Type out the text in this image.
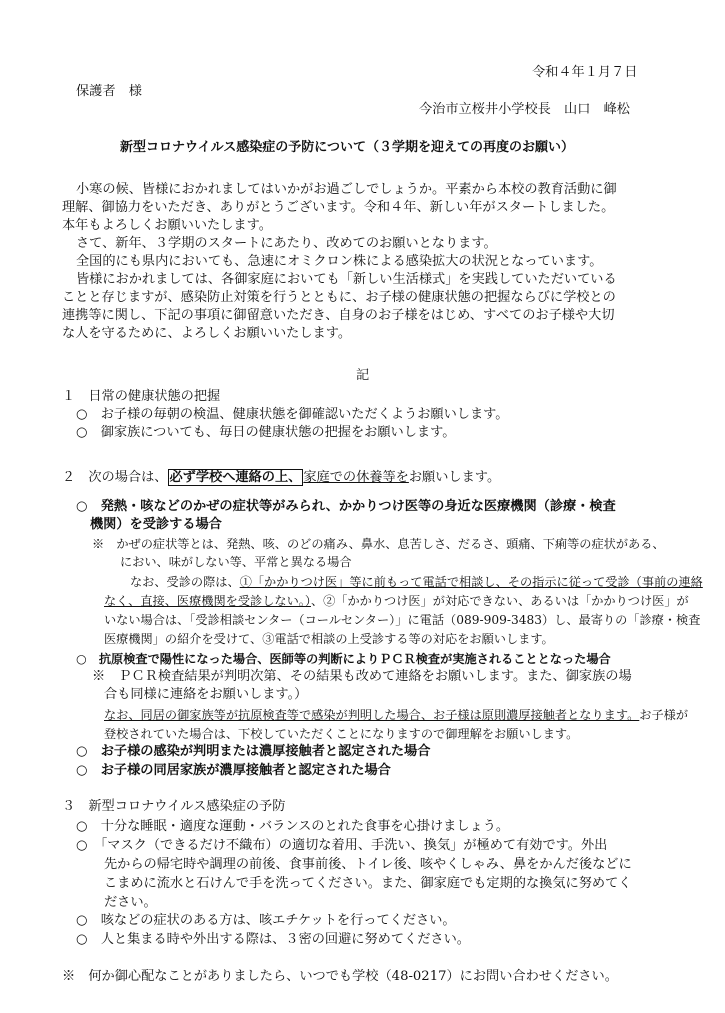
令和４年１月７日
保護者　様
今治市立桜井小学校長　山口　峰松
新型コロナウイルス感染症の予防について（３学期を迎えての再度のお願い）
小寒の候、皆様におかれましてはいかがお過ごしでしょうか。平素から本校の教育活動に御
理解、御協力をいただき、ありがとうございます。令和４年、新しい年がスタートしました。
本年もよろしくお願いいたします。
さて、新年、３学期のスタートにあたり、改めてのお願いとなります。
全国的にも県内においても、急速にオミクロン株による感染拡大の状況となっています。
皆様におかれましては、各御家庭においても「新しい生活様式」を実践していただいている
ことと存じますが、感染防止対策を行うとともに、お子様の健康状態の把握ならびに学校との
連携等に関し、下記の事項に御留意いただき、自身のお子様をはじめ、すべてのお子様や大切
な人を守るために、よろしくお願いいたします。
記
１　日常の健康状態の把握
○　お子様の毎朝の検温、健康状態を御確認いただくようお願いします。
○　御家族についても、毎日の健康状態の把握をお願いします。
２　次の場合は、 必ず学校へ連絡の上、 家庭での休養等をお願いします。
○　発熱・咳などのかぜの症状等がみられ、かかりつけ医等の身近な医療機関（診療・検査
機関）を受診する場合
※　かぜの症状等とは、発熱、咳、のどの痛み、鼻水、息苦しさ、だるさ、頭痛、下痢等の症状がある、
におい、味がしない等、平常と異なる場合
なお、受診の際は、①「かかりつけ医」等に前もって電話で相談し、その指示に従って受診（事前の連絡
なく、直接、医療機関を受診しない。）、②「かかりつけ医」が対応できない、あるいは「かかりつけ医」が
いない場合は、「受診相談センター（コールセンター）」に電話（089-909-3483）し、最寄りの「診療・検査
医療機関」の紹介を受けて、③電話で相談の上受診する等の対応をお願いします。
○　抗原検査で陽性になった場合、医師等の判断によりＰＣＲ検査が実施されることとなった場合
※　ＰＣＲ検査結果が判明次第、その結果も改めて連絡をお願いします。また、御家族の場
合も同様に連絡をお願いします。）
なお、同居の御家族等が抗原検査等で感染が判明した場合、お子様は原則濃厚接触者となります。お子様が
登校されていた場合は、下校していただくことになりますので御理解をお願いします。
○　お子様の感染が判明または濃厚接触者と認定された場合
○　お子様の同居家族が濃厚接触者と認定された場合
３　新型コロナウイルス感染症の予防
○　十分な睡眠・適度な運動・バランスのとれた食事を心掛けましょう。
○　「マスク（できるだけ不織布）の適切な着用、手洗い、換気」が極めて有効です。外出
先からの帰宅時や調理の前後、食事前後、トイレ後、咳やくしゃみ、鼻をかんだ後などに
こまめに流水と石けんで手を洗ってください。また、御家庭でも定期的な換気に努めてく
ださい。
○　咳などの症状のある方は、咳エチケットを行ってください。
○　人と集まる時や外出する際は、３密の回避に努めてください。
※　何か御心配なことがありましたら、いつでも学校（48-0217）にお問い合わせください。
